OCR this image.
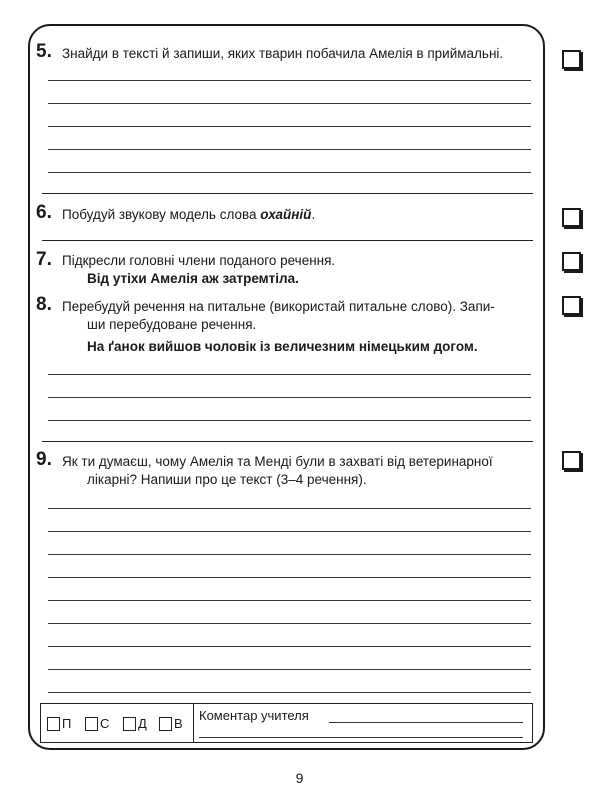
5. Знайди в тексті й запиши, яких тварин побачила Амелія в приймальні.
6. Побудуй звукову модель слова охайній.
7. Підкресли головні члени поданого речення.
Від утіхи Амелія аж затремтіла.
8. Перебудуй речення на питальне (використай питальне слово). Запи-
ши перебудоване речення.
На ґанок вийшов чоловік із величезним німецьким догом.
9. Як ти думаєш, чому Амелія та Менді були в захваті від ветеринарної
лікарні? Напиши про це текст (3–4 речення).
П	С	Д	В
Коментар учителя
9
